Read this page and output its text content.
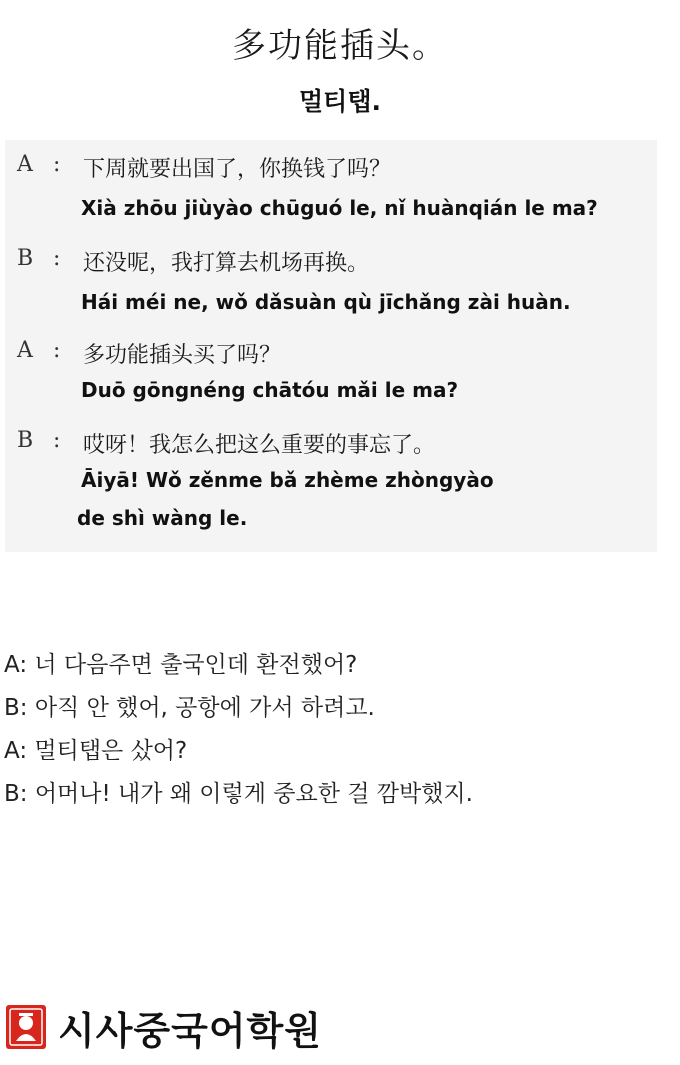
多功能插头。
멀티탭.
A : 下周就要出国了，你换钱了吗？
Xià zhōu jiùyào chūguó le, nǐ huànqián le ma?
B : 还没呢，我打算去机场再换。
Hái méi ne, wǒ dǎsuàn qù jīchǎng zài huàn.
A : 多功能插头买了吗？
Duō gōngnéng chātóu mǎi le ma?
B : 哎呀！我怎么把这么重要的事忘了。
Āiyā! Wǒ zěnme bǎ zhème zhòngyào
de shì wàng le.
A: 너 다음주면 출국인데 환전했어?
B: 아직 안 했어, 공항에 가서 하려고.
A: 멀티탭은 샀어?
B: 어머나! 내가 왜 이렇게 중요한 걸 깜박했지.
시사중국어학원
